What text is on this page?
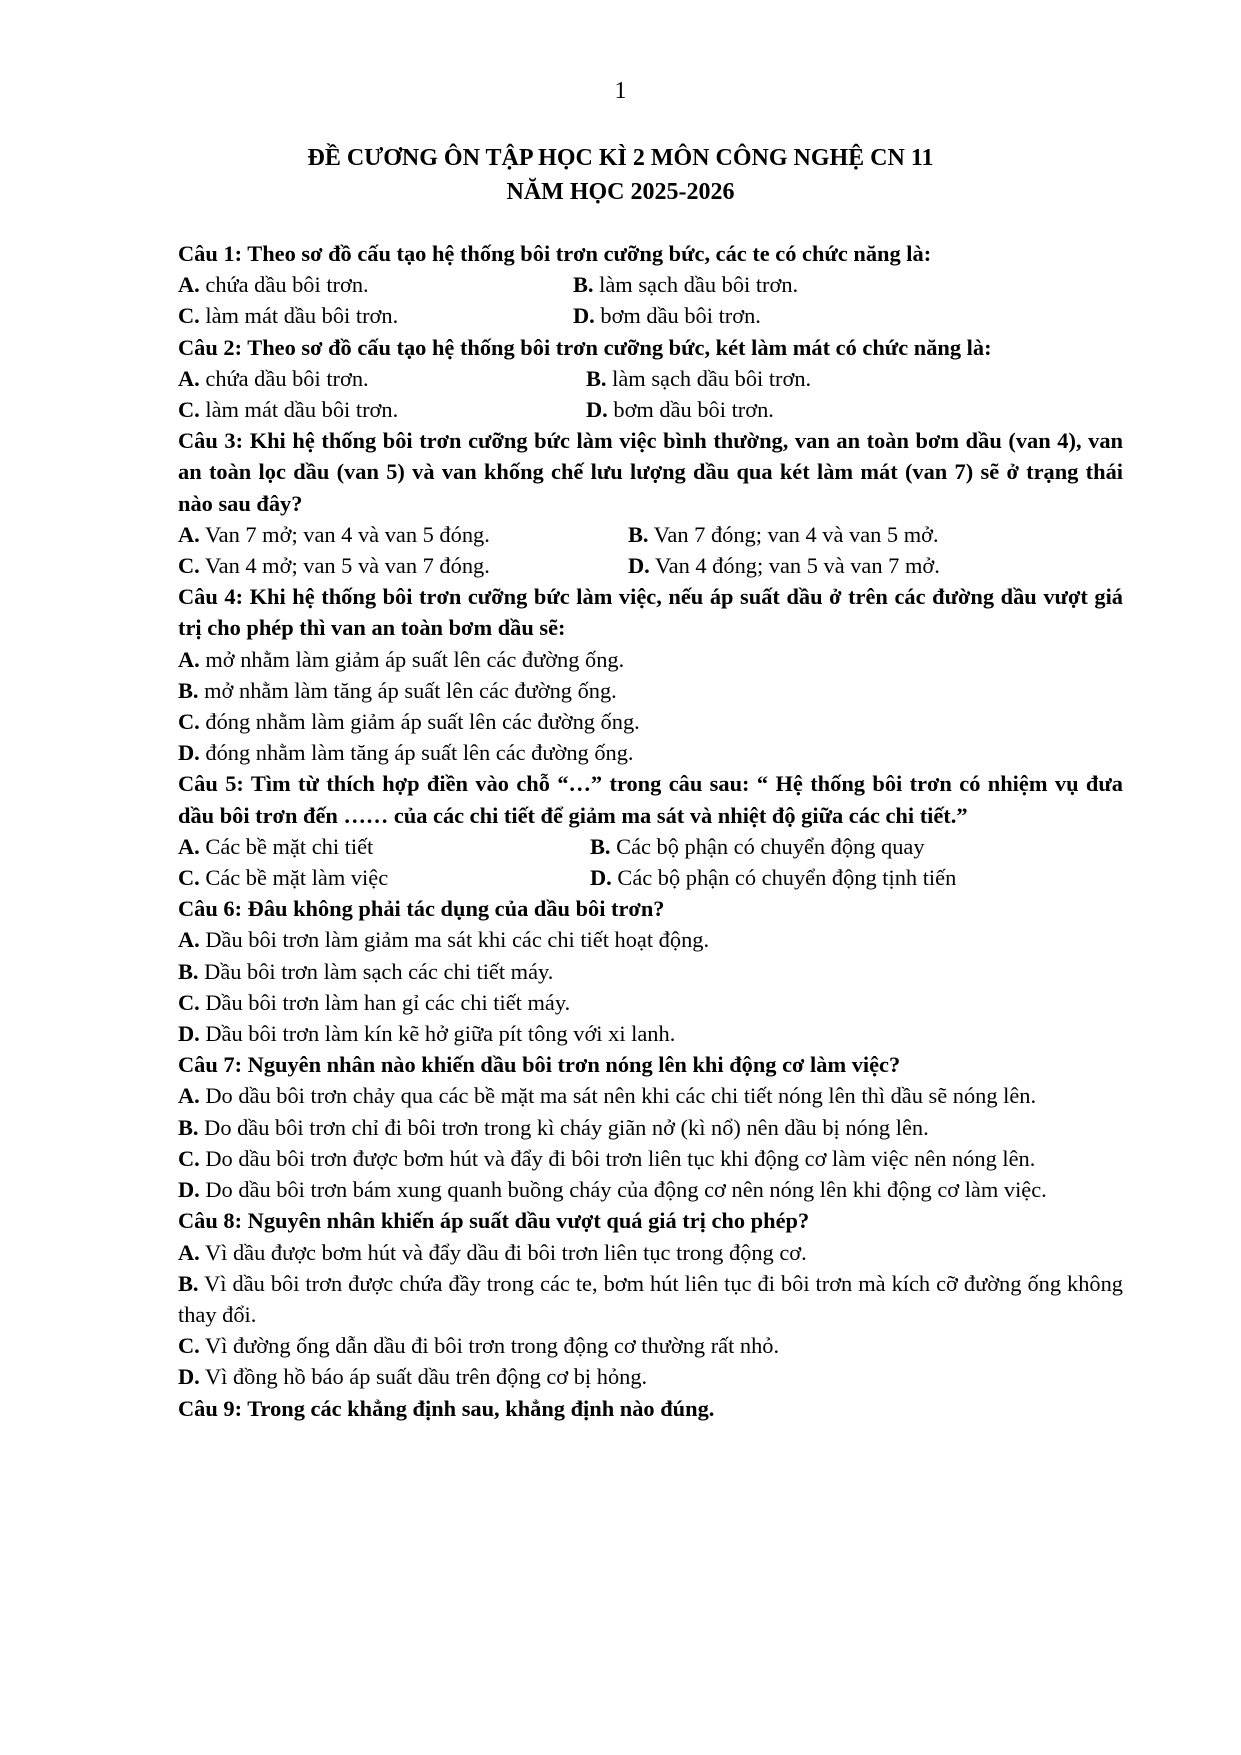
1
ĐỀ CƯƠNG ÔN TẬP HỌC KÌ 2 MÔN CÔNG NGHỆ CN 11
NĂM HỌC 2025-2026
Câu 1: Theo sơ đồ cấu tạo hệ thống bôi trơn cưỡng bức, các te có chức năng là:
A. chứa dầu bôi trơn.	B. làm sạch dầu bôi trơn.
C. làm mát dầu bôi trơn.	D. bơm dầu bôi trơn.
Câu 2: Theo sơ đồ cấu tạo hệ thống bôi trơn cưỡng bức, két làm mát có chức năng là:
A. chứa dầu bôi trơn.	B. làm sạch dầu bôi trơn.
C. làm mát dầu bôi trơn.	D. bơm dầu bôi trơn.
Câu 3: Khi hệ thống bôi trơn cưỡng bức làm việc bình thường, van an toàn bơm dầu (van 4), van an toàn lọc dầu (van 5) và van khống chế lưu lượng dầu qua két làm mát (van 7) sẽ ở trạng thái nào sau đây?
A. Van 7 mở; van 4 và van 5 đóng.	B. Van 7 đóng; van 4 và van 5 mở.
C. Van 4 mở; van 5 và van 7 đóng.	D. Van 4 đóng; van 5 và van 7 mở.
Câu 4: Khi hệ thống bôi trơn cưỡng bức làm việc, nếu áp suất dầu ở trên các đường dầu vượt giá trị cho phép thì van an toàn bơm dầu sẽ:
A. mở nhằm làm giảm áp suất lên các đường ống.
B. mở nhằm làm tăng áp suất lên các đường ống.
C. đóng nhằm làm giảm áp suất lên các đường ống.
D. đóng nhằm làm tăng áp suất lên các đường ống.
Câu 5: Tìm từ thích hợp điền vào chỗ “…” trong câu sau: “ Hệ thống bôi trơn có nhiệm vụ đưa dầu bôi trơn đến …… của các chi tiết để giảm ma sát và nhiệt độ giữa các chi tiết.”
A. Các bề mặt chi tiết	B. Các bộ phận có chuyển động quay
C. Các bề mặt làm việc	D. Các bộ phận có chuyển động tịnh tiến
Câu 6: Đâu không phải tác dụng của dầu bôi trơn?
A. Dầu bôi trơn làm giảm ma sát khi các chi tiết hoạt động.
B. Dầu bôi trơn làm sạch các chi tiết máy.
C. Dầu bôi trơn làm han gỉ các chi tiết máy.
D. Dầu bôi trơn làm kín kẽ hở giữa pít tông với xi lanh.
Câu 7: Nguyên nhân nào khiến dầu bôi trơn nóng lên khi động cơ làm việc?
A. Do dầu bôi trơn chảy qua các bề mặt ma sát nên khi các chi tiết nóng lên thì dầu sẽ nóng lên.
B. Do dầu bôi trơn chỉ đi bôi trơn trong kì cháy giãn nở (kì nổ) nên dầu bị nóng lên.
C. Do dầu bôi trơn được bơm hút và đẩy đi bôi trơn liên tục khi động cơ làm việc nên nóng lên.
D. Do dầu bôi trơn bám xung quanh buồng cháy của động cơ nên nóng lên khi động cơ làm việc.
Câu 8: Nguyên nhân khiến áp suất dầu vượt quá giá trị cho phép?
A. Vì dầu được bơm hút và đẩy dầu đi bôi trơn liên tục trong động cơ.
B. Vì dầu bôi trơn được chứa đầy trong các te, bơm hút liên tục đi bôi trơn mà kích cỡ đường ống không thay đổi.
C. Vì đường ống dẫn dầu đi bôi trơn trong động cơ thường rất nhỏ.
D. Vì đồng hồ báo áp suất dầu trên động cơ bị hỏng.
Câu 9: Trong các khẳng định sau, khẳng định nào đúng.
